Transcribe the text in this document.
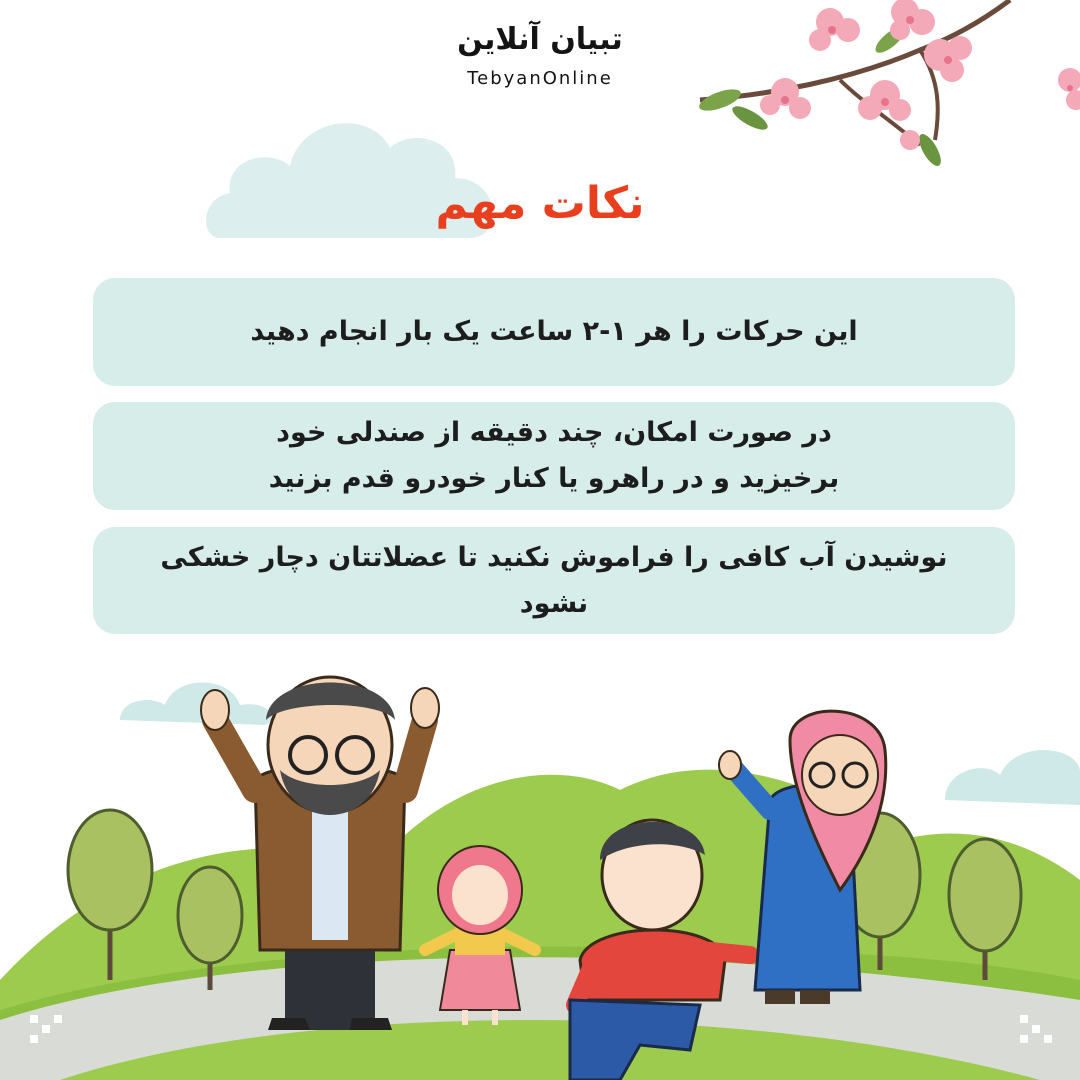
تبیان آنلاین
TebyanOnline
نکات مهم
این حرکات را هر ۱-۲ ساعت یک بار انجام دهید
در صورت امکان، چند دقیقه از صندلی خود برخیزید و در راهرو یا کنار خودرو قدم بزنید
نوشیدن آب کافی را فراموش نکنید تا عضلاتتان دچار خشکی نشود
